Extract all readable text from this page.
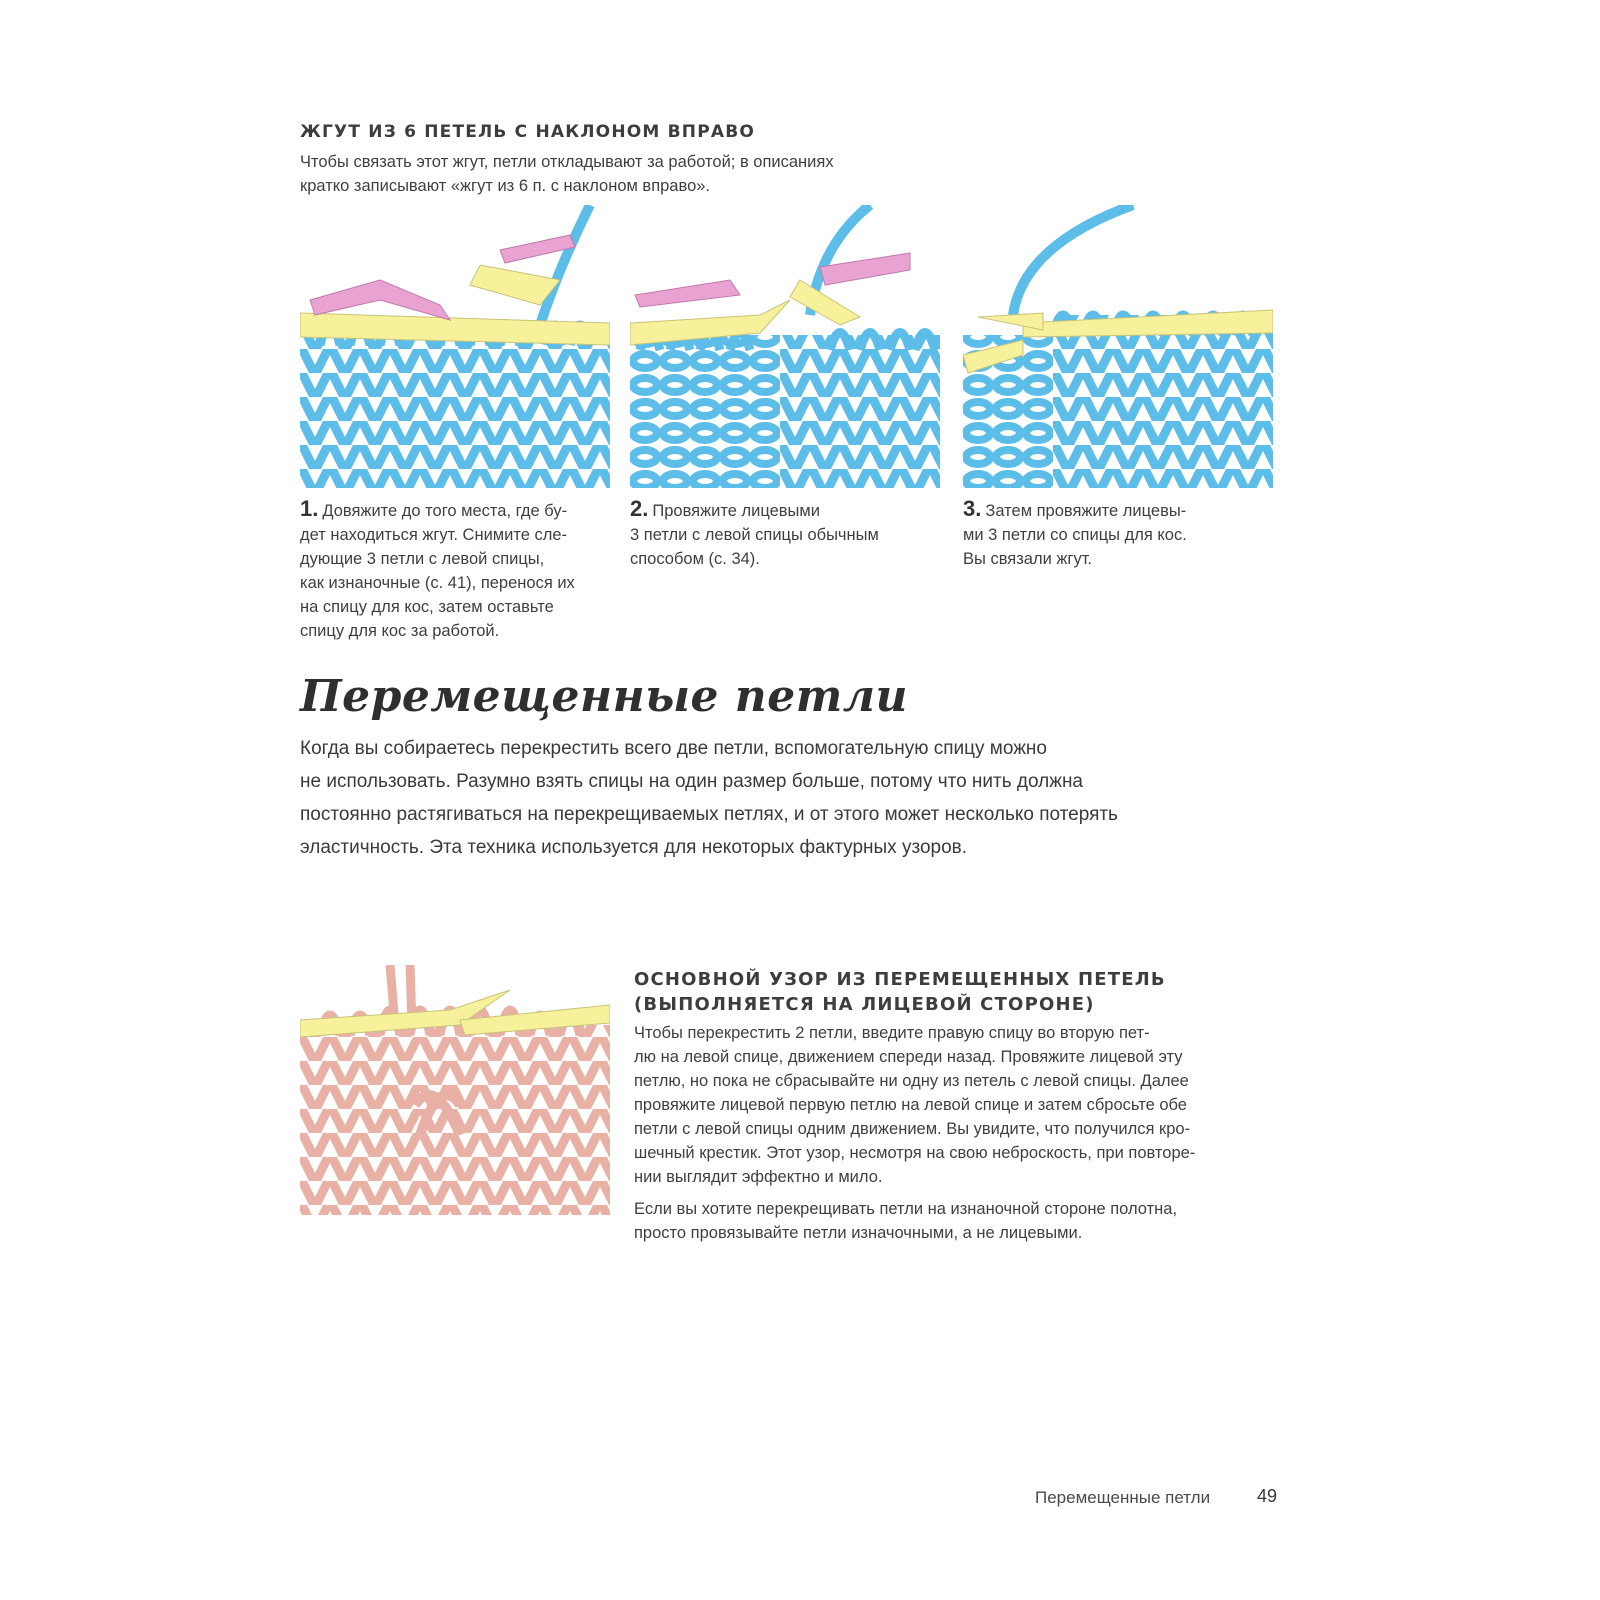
ЖГУТ ИЗ 6 ПЕТЕЛЬ С НАКЛОНОМ ВПРАВО

Чтобы связать этот жгут, петли откладывают за работой; в описаниях

кратко записывают «жгут из 6 п. с наклоном вправо».

1. Довяжите до того места, где бу-

дет находиться жгут. Снимите сле-

дующие 3 петли с левой спицы,

как изнаночные (с. 41), перенося их

на спицу для кос, затем оставьте

спицу для кос за работой.

2. Провяжите лицевыми

3 петли с левой спицы обычным

способом (с. 34).

3. Затем провяжите лицевы-

ми 3 петли со спицы для кос.

Вы связали жгут.

Перемещенные петли

Когда вы собираетесь перекрестить всего две петли, вспомогательную спицу можно

не использовать. Разумно взять спицы на один размер больше, потому что нить должна

постоянно растягиваться на перекрещиваемых петлях, и от этого может несколько потерять

эластичность. Эта техника используется для некоторых фактурных узоров.

ОСНОВНОЙ УЗОР ИЗ ПЕРЕМЕЩЕННЫХ ПЕТЕЛЬ
(ВЫПОЛНЯЕТСЯ НА ЛИЦЕВОЙ СТОРОНЕ)

Чтобы перекрестить 2 петли, введите правую спицу во вторую пет-

лю на левой спице, движением спереди назад. Провяжите лицевой эту

петлю, но пока не сбрасывайте ни одну из петель с левой спицы. Далее

провяжите лицевой первую петлю на левой спице и затем сбросьте обе

петли с левой спицы одним движением. Вы увидите, что получился кро-

шечный крестик. Этот узор, несмотря на свою неброскость, при повторе-

нии выглядит эффектно и мило.

Если вы хотите перекрещивать петли на изнаночной стороне полотна,

просто провязывайте петли изначочными, а не лицевыми.

Перемещенные петли	49
